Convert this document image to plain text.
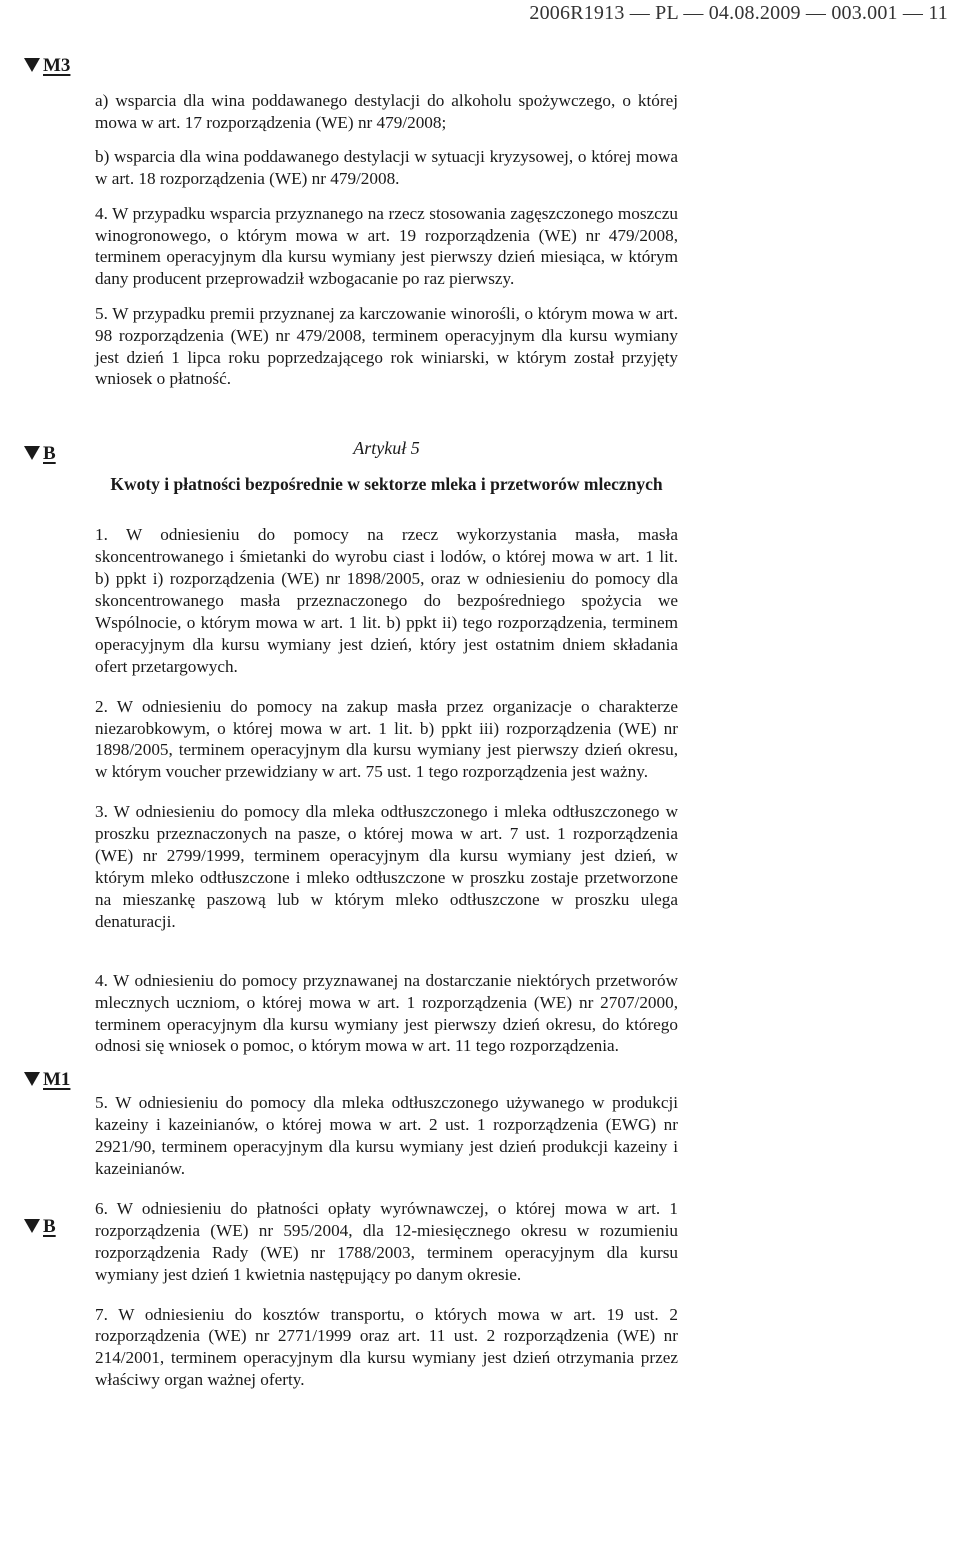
2006R1913 — PL — 04.08.2009 — 003.001 — 11
M3
B
M1
B

a) wsparcia dla wina poddawanego destylacji do alkoholu spożywczego, o której mowa w art. 17 rozporządzenia (WE) nr 479/2008;

b) wsparcia dla wina poddawanego destylacji w sytuacji kryzysowej, o której mowa w art. 18 rozporządzenia (WE) nr 479/2008.

4. W przypadku wsparcia przyznanego na rzecz stosowania zagęszczonego moszczu winogronowego, o którym mowa w art. 19 rozporządzenia (WE) nr 479/2008, terminem operacyjnym dla kursu wymiany jest pierwszy dzień miesiąca, w którym dany producent przeprowadził wzbogacanie po raz pierwszy.

5. W przypadku premii przyznanej za karczowanie winorośli, o którym mowa w art. 98 rozporządzenia (WE) nr 479/2008, terminem operacyjnym dla kursu wymiany jest dzień 1 lipca roku poprzedzającego rok winiarski, w którym został przyjęty wniosek o płatność.

Artykuł 5
Kwoty i płatności bezpośrednie w sektorze mleka i przetworów mlecznych

1. W odniesieniu do pomocy na rzecz wykorzystania masła, masła skoncentrowanego i śmietanki do wyrobu ciast i lodów, o której mowa w art. 1 lit. b) ppkt i) rozporządzenia (WE) nr 1898/2005, oraz w odniesieniu do pomocy dla skoncentrowanego masła przeznaczonego do bezpośredniego spożycia we Wspólnocie, o którym mowa w art. 1 lit. b) ppkt ii) tego rozporządzenia, terminem operacyjnym dla kursu wymiany jest dzień, który jest ostatnim dniem składania ofert przetargowych.

2. W odniesieniu do pomocy na zakup masła przez organizacje o charakterze niezarobkowym, o której mowa w art. 1 lit. b) ppkt iii) rozporządzenia (WE) nr 1898/2005, terminem operacyjnym dla kursu wymiany jest pierwszy dzień okresu, w którym voucher przewidziany w art. 75 ust. 1 tego rozporządzenia jest ważny.

3. W odniesieniu do pomocy dla mleka odtłuszczonego i mleka odtłuszczonego w proszku przeznaczonych na pasze, o której mowa w art. 7 ust. 1 rozporządzenia (WE) nr 2799/1999, terminem operacyjnym dla kursu wymiany jest dzień, w którym mleko odtłuszczone i mleko odtłuszczone w proszku zostaje przetworzone na mieszankę paszową lub w którym mleko odtłuszczone w proszku ulega denaturacji.

4. W odniesieniu do pomocy przyznawanej na dostarczanie niektórych przetworów mlecznych uczniom, o której mowa w art. 1 rozporządzenia (WE) nr 2707/2000, terminem operacyjnym dla kursu wymiany jest pierwszy dzień okresu, do którego odnosi się wniosek o pomoc, o którym mowa w art. 11 tego rozporządzenia.

5. W odniesieniu do pomocy dla mleka odtłuszczonego używanego w produkcji kazeiny i kazeinianów, o której mowa w art. 2 ust. 1 rozporządzenia (EWG) nr 2921/90, terminem operacyjnym dla kursu wymiany jest dzień produkcji kazeiny i kazeinianów.

6. W odniesieniu do płatności opłaty wyrównawczej, o której mowa w art. 1 rozporządzenia (WE) nr 595/2004, dla 12-miesięcznego okresu w rozumieniu rozporządzenia Rady (WE) nr 1788/2003, terminem operacyjnym dla kursu wymiany jest dzień 1 kwietnia następujący po danym okresie.

7. W odniesieniu do kosztów transportu, o których mowa w art. 19 ust. 2 rozporządzenia (WE) nr 2771/1999 oraz art. 11 ust. 2 rozporządzenia (WE) nr 214/2001, terminem operacyjnym dla kursu wymiany jest dzień otrzymania przez właściwy organ ważnej oferty.
